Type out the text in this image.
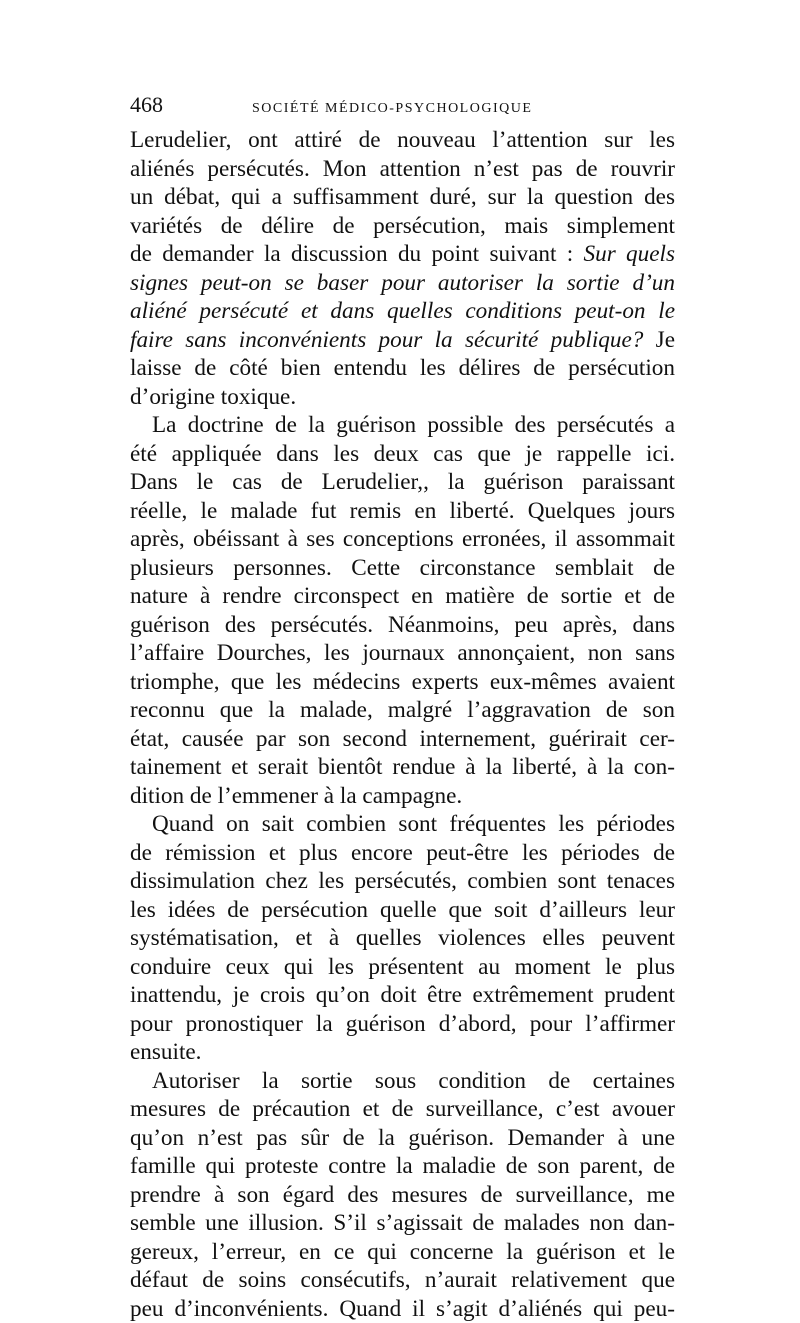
468	SOCIÉTÉ MÉDICO-PSYCHOLOGIQUE
Lerudelier, ont attiré de nouveau l’attention sur les
aliénés persécutés. Mon attention n’est pas de rouvrir
un débat, qui a suffisamment duré, sur la question des
variétés de délire de persécution, mais simplement
de demander la discussion du point suivant : Sur quels
signes peut-on se baser pour autoriser la sortie d’un
aliéné persécuté et dans quelles conditions peut-on le
faire sans inconvénients pour la sécurité publique? Je
laisse de côté bien entendu les délires de persécution
d’origine toxique.
La doctrine de la guérison possible des persécutés a
été appliquée dans les deux cas que je rappelle ici.
Dans le cas de Lerudelier,, la guérison paraissant
réelle, le malade fut remis en liberté. Quelques jours
après, obéissant à ses conceptions erronées, il assommait
plusieurs personnes. Cette circonstance semblait de
nature à rendre circonspect en matière de sortie et de
guérison des persécutés. Néanmoins, peu après, dans
l’affaire Dourches, les journaux annonçaient, non sans
triomphe, que les médecins experts eux-mêmes avaient
reconnu que la malade, malgré l’aggravation de son
état, causée par son second internement, guérirait cer-
tainement et serait bientôt rendue à la liberté, à la con-
dition de l’emmener à la campagne.
Quand on sait combien sont fréquentes les périodes
de rémission et plus encore peut-être les périodes de
dissimulation chez les persécutés, combien sont tenaces
les idées de persécution quelle que soit d’ailleurs leur
systématisation, et à quelles violences elles peuvent
conduire ceux qui les présentent au moment le plus
inattendu, je crois qu’on doit être extrêmement prudent
pour pronostiquer la guérison d’abord, pour l’affirmer
ensuite.
Autoriser la sortie sous condition de certaines
mesures de précaution et de surveillance, c’est avouer
qu’on n’est pas sûr de la guérison. Demander à une
famille qui proteste contre la maladie de son parent, de
prendre à son égard des mesures de surveillance, me
semble une illusion. S’il s’agissait de malades non dan-
gereux, l’erreur, en ce qui concerne la guérison et le
défaut de soins consécutifs, n’aurait relativement que
peu d’inconvénients. Quand il s’agit d’aliénés qui peu-
